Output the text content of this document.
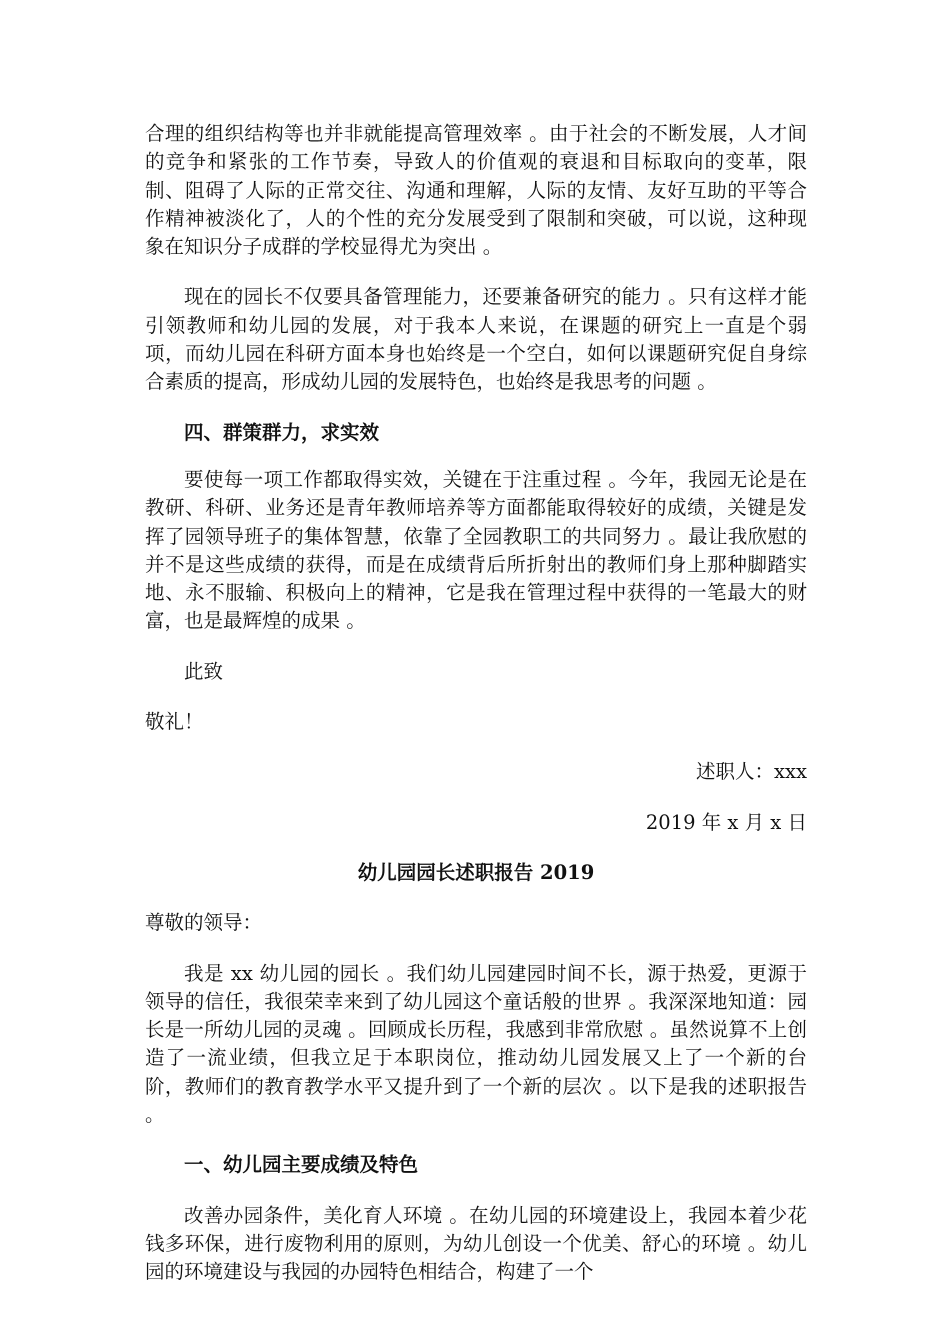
合理的组织结构等也并非就能提高管理效率 。由于社会的不断发展，人才间的竞争和紧张的工作节奏，导致人的价值观的衰退和目标取向的变革，限制、阻碍了人际的正常交往、沟通和理解，人际的友情、友好互助的平等合作精神被淡化了，人的个性的充分发展受到了限制和突破，可以说，这种现象在知识分子成群的学校显得尤为突出 。

现在的园长不仅要具备管理能力，还要兼备研究的能力 。只有这样才能引领教师和幼儿园的发展，对于我本人来说，在课题的研究上一直是个弱项，而幼儿园在科研方面本身也始终是一个空白，如何以课题研究促自身综合素质的提高，形成幼儿园的发展特色，也始终是我思考的问题 。

四、群策群力，求实效

要使每一项工作都取得实效，关键在于注重过程 。今年，我园无论是在教研、科研、业务还是青年教师培养等方面都能取得较好的成绩，关键是发挥了园领导班子的集体智慧，依靠了全园教职工的共同努力 。最让我欣慰的并不是这些成绩的获得，而是在成绩背后所折射出的教师们身上那种脚踏实地、永不服输、积极向上的精神，它是我在管理过程中获得的一笔最大的财富，也是最辉煌的成果 。

此致

敬礼！

述职人：xxx

2019 年 x 月 x 日

幼儿园园长述职报告 2019

尊敬的领导：

我是 xx 幼儿园的园长 。我们幼儿园建园时间不长，源于热爱，更源于领导的信任，我很荣幸来到了幼儿园这个童话般的世界 。我深深地知道：园长是一所幼儿园的灵魂 。回顾成长历程，我感到非常欣慰 。虽然说算不上创造了一流业绩，但我立足于本职岗位，推动幼儿园发展又上了一个新的台阶，教师们的教育教学水平又提升到了一个新的层次 。以下是我的述职报告 。

一、幼儿园主要成绩及特色

改善办园条件，美化育人环境 。在幼儿园的环境建设上，我园本着少花钱多环保，进行废物利用的原则，为幼儿创设一个优美、舒心的环境 。幼儿园的环境建设与我园的办园特色相结合，构建了一个
